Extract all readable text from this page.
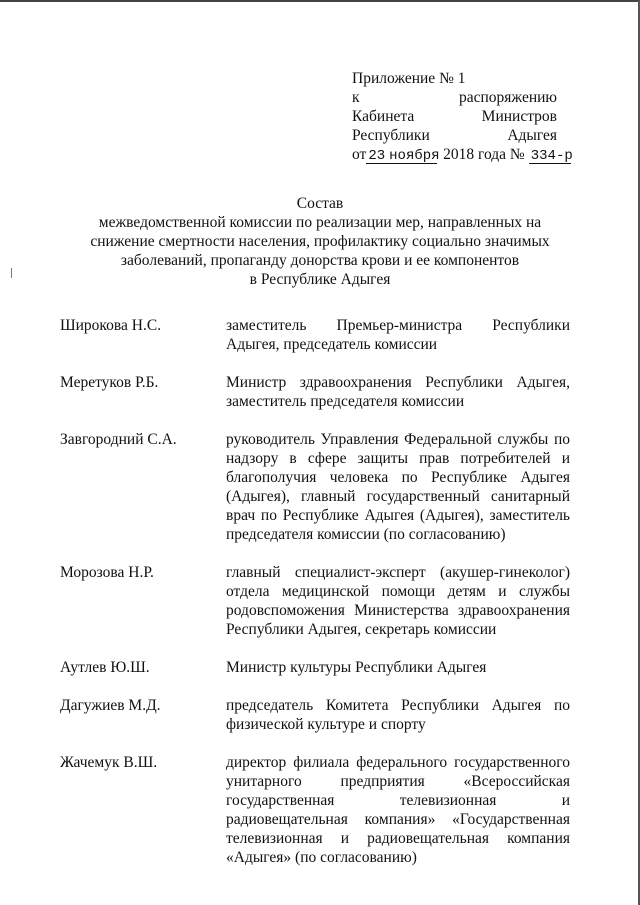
Приложение № 1
к	распоряжению
Кабинета	Министров
Республики	Адыгея
от 23 ноября 2018 года № 334-р
Состав
межведомственной комиссии по реализации мер, направленных на
снижение смертности населения, профилактику социально значимых
заболеваний, пропаганду донорства крови и ее компонентов
в Республике Адыгея
Широкова Н.С.	заместитель Премьер-министра Республики Адыгея, председатель комиссии
Меретуков Р.Б.	Министр здравоохранения Республики Адыгея, заместитель председателя комиссии
Завгородний С.А.	руководитель Управления Федеральной службы по надзору в сфере защиты прав потребителей и благополучия человека по Республике Адыгея (Адыгея), главный государственный санитарный врач по Республике Адыгея (Адыгея), заместитель председателя комиссии (по согласованию)
Морозова Н.Р.	главный специалист-эксперт (акушер-гинеколог) отдела медицинской помощи детям и службы родовспоможения Министерства здравоохранения Республики Адыгея, секретарь комиссии
Аутлев Ю.Ш.	Министр культуры Республики Адыгея
Дагужиев М.Д.	председатель Комитета Республики Адыгея по физической культуре и спорту
Жачемук В.Ш.	директор филиала федерального государственного унитарного предприятия «Всероссийская государственная телевизионная и радиовещательная компания» «Государственная телевизионная и радиовещательная компания «Адыгея» (по согласованию)
